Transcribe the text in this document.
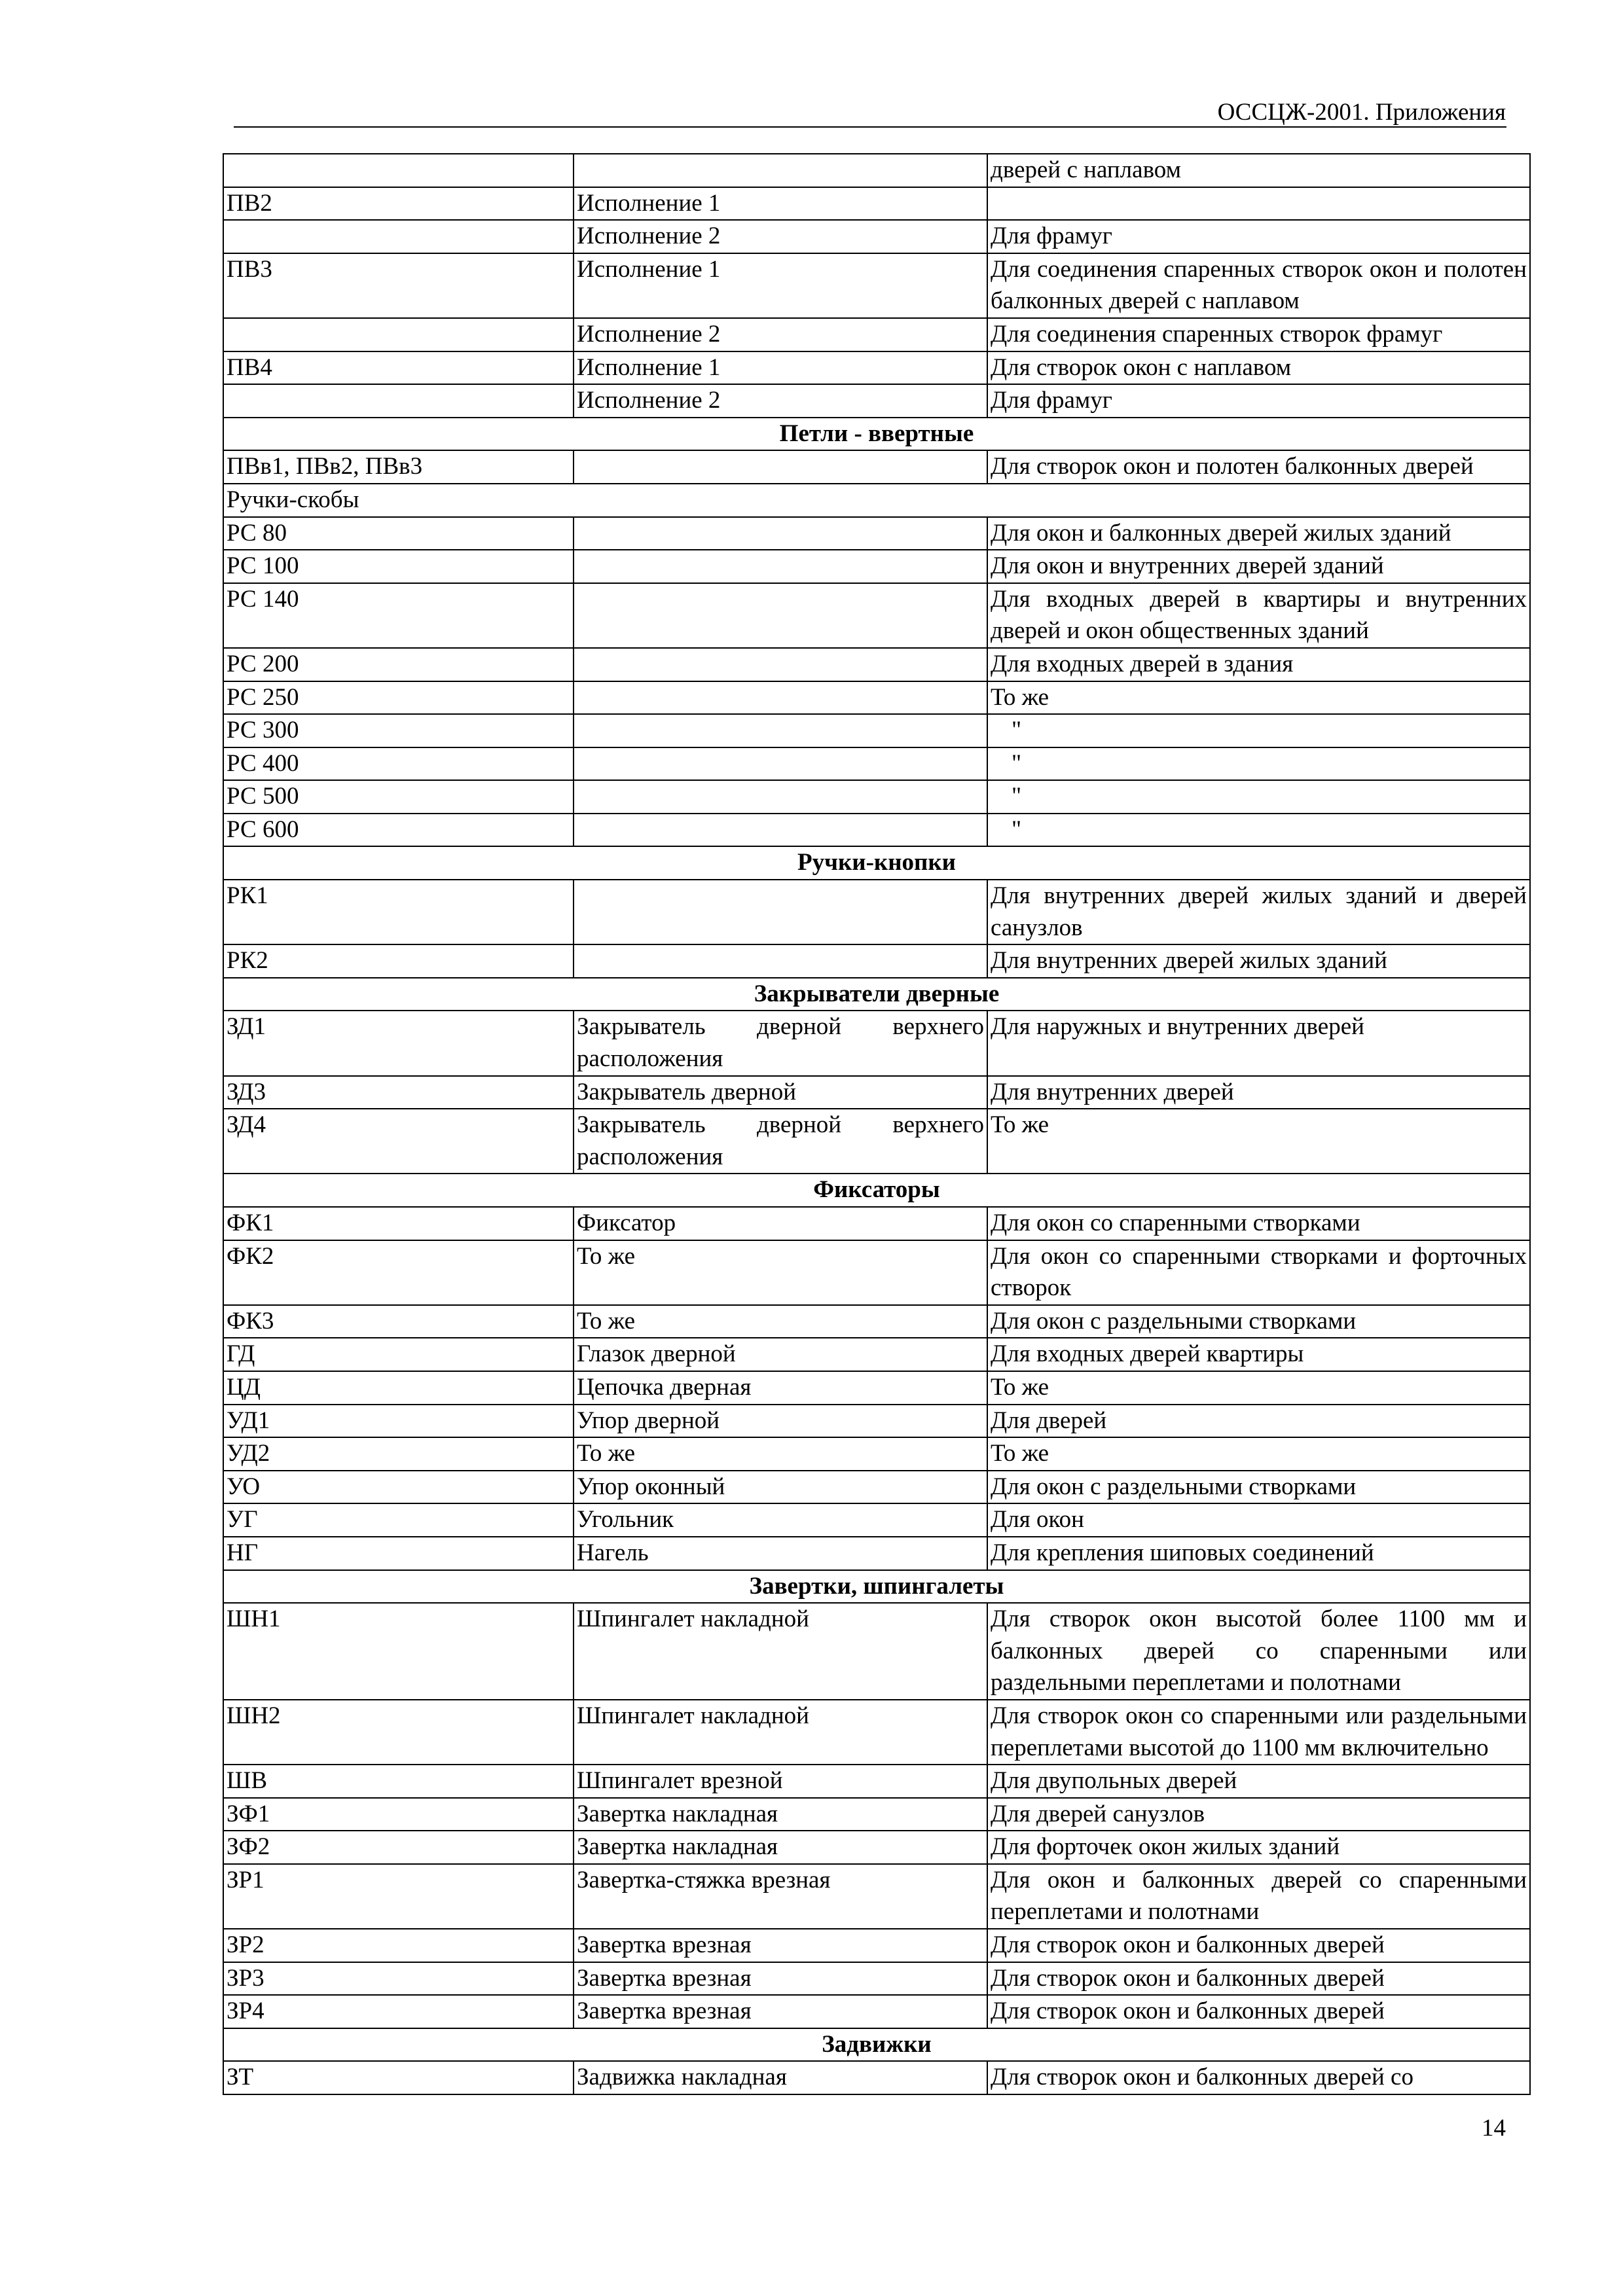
ОССЦЖ-2001. Приложения
		дверей с наплавом
ПВ2	Исполнение 1	
	Исполнение 2	Для фрамуг
ПВ3	Исполнение 1	Для соединения спаренных створок окон и полотен балконных дверей с наплавом
	Исполнение 2	Для соединения спаренных створок фрамуг
ПВ4	Исполнение 1	Для створок окон с наплавом
	Исполнение 2	Для фрамуг
Петли - ввертные		
ПВв1, ПВв2, ПВв3		Для створок окон и полотен балконных дверей
Ручки-скобы		
РС 80		Для окон и балконных дверей жилых зданий
РС 100		Для окон и внутренних дверей зданий
РС 140		Для входных дверей в квартиры и внутренних дверей и окон общественных зданий
РС 200		Для входных дверей в здания
РС 250		То же
РС 300		"
РС 400		"
РС 500		"
РС 600		"
Ручки-кнопки		
РК1		Для внутренних дверей жилых зданий и дверей санузлов
РК2		Для внутренних дверей жилых зданий
Закрыватели дверные		
ЗД1	Закрыватель дверной верхнего расположения	Для наружных и внутренних дверей
ЗД3	Закрыватель дверной	Для внутренних дверей
ЗД4	Закрыватель дверной верхнего расположения	То же
Фиксаторы		
ФК1	Фиксатор	Для окон со спаренными створками
ФК2	То же	Для окон со спаренными створками и форточных створок
ФК3	То же	Для окон с раздельными створками
ГД	Глазок дверной	Для входных дверей квартиры
ЦД	Цепочка дверная	То же
УД1	Упор дверной	Для дверей
УД2	То же	То же
УО	Упор оконный	Для окон с раздельными створками
УГ	Угольник	Для окон
НГ	Нагель	Для крепления шиповых соединений
Завертки, шпингалеты		
ШН1	Шпингалет накладной	Для створок окон высотой более 1100 мм и балконных дверей со спаренными или раздельными переплетами и полотнами
ШН2	Шпингалет накладной	Для створок окон со спаренными или раздельными переплетами высотой до 1100 мм включительно
ШВ	Шпингалет врезной	Для двупольных дверей
ЗФ1	Завертка накладная	Для дверей санузлов
ЗФ2	Завертка накладная	Для форточек окон жилых зданий
ЗР1	Завертка-стяжка врезная	Для окон и балконных дверей со спаренными переплетами и полотнами
ЗР2	Завертка врезная	Для створок окон и балконных дверей
ЗР3	Завертка врезная	Для створок окон и балконных дверей
ЗР4	Завертка врезная	Для створок окон и балконных дверей
Задвижки		
ЗТ	Задвижка накладная	Для створок окон и балконных дверей со
14
